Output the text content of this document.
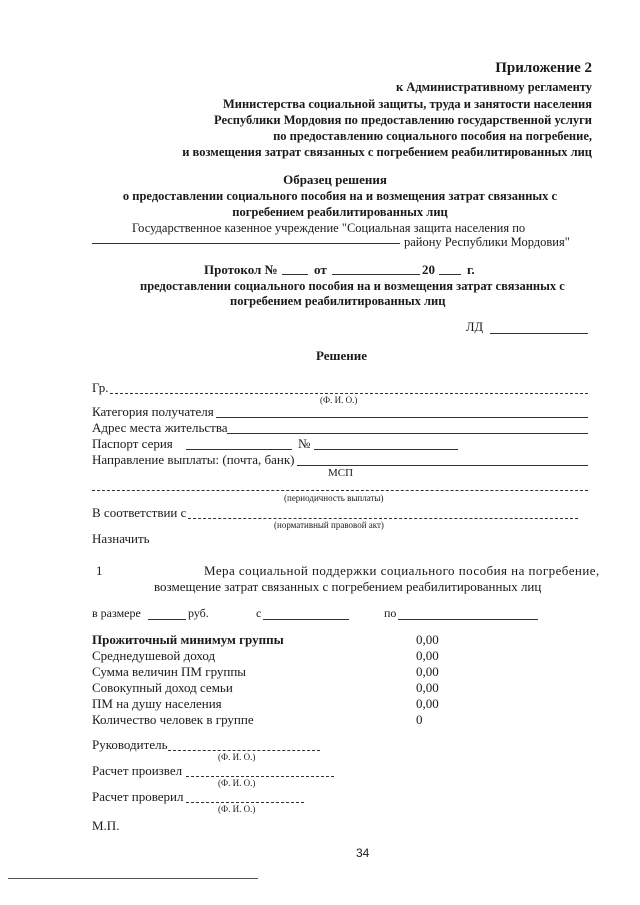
Приложение 2
к Административному регламенту
Министерства социальной защиты, труда и занятости населения
Республики Мордовия по предоставлению государственной услуги
по предоставлению социального пособия на погребение,
и возмещения затрат связанных с погребением реабилитированных лиц
Образец решения
о предоставлении социального пособия на и возмещения затрат связанных с
погребением реабилитированных лиц
Государственное казенное учреждение "Социальная защита населения по
району Республики Мордовия"
Протокол №	от	20 г.
предоставлении социального пособия на и возмещения затрат связанных с
погребением реабилитированных лиц
ЛД
Решение
Гр.
(Ф. И. О.)
Категория получателя
Адрес места жительства
Паспорт серия	№
Направление выплаты: (почта, банк)
МСП
(периодичность выплаты)
В соответствии с
(нормативный правовой акт)
Назначить
1	Мера социальной поддержки социального пособия на погребение,
возмещение затрат связанных с погребением реабилитированных лиц
в размере	руб.	с	по
Прожиточный минимум группы	0,00
Среднедушевой доход	0,00
Сумма величин ПМ группы	0,00
Совокупный доход семьи	0,00
ПМ на душу населения	0,00
Количество человек в группе	0
Руководитель
(Ф. И. О.)
Расчет произвел
(Ф. И. О.)
Расчет проверил
(Ф. И. О.)
М.П.
34
